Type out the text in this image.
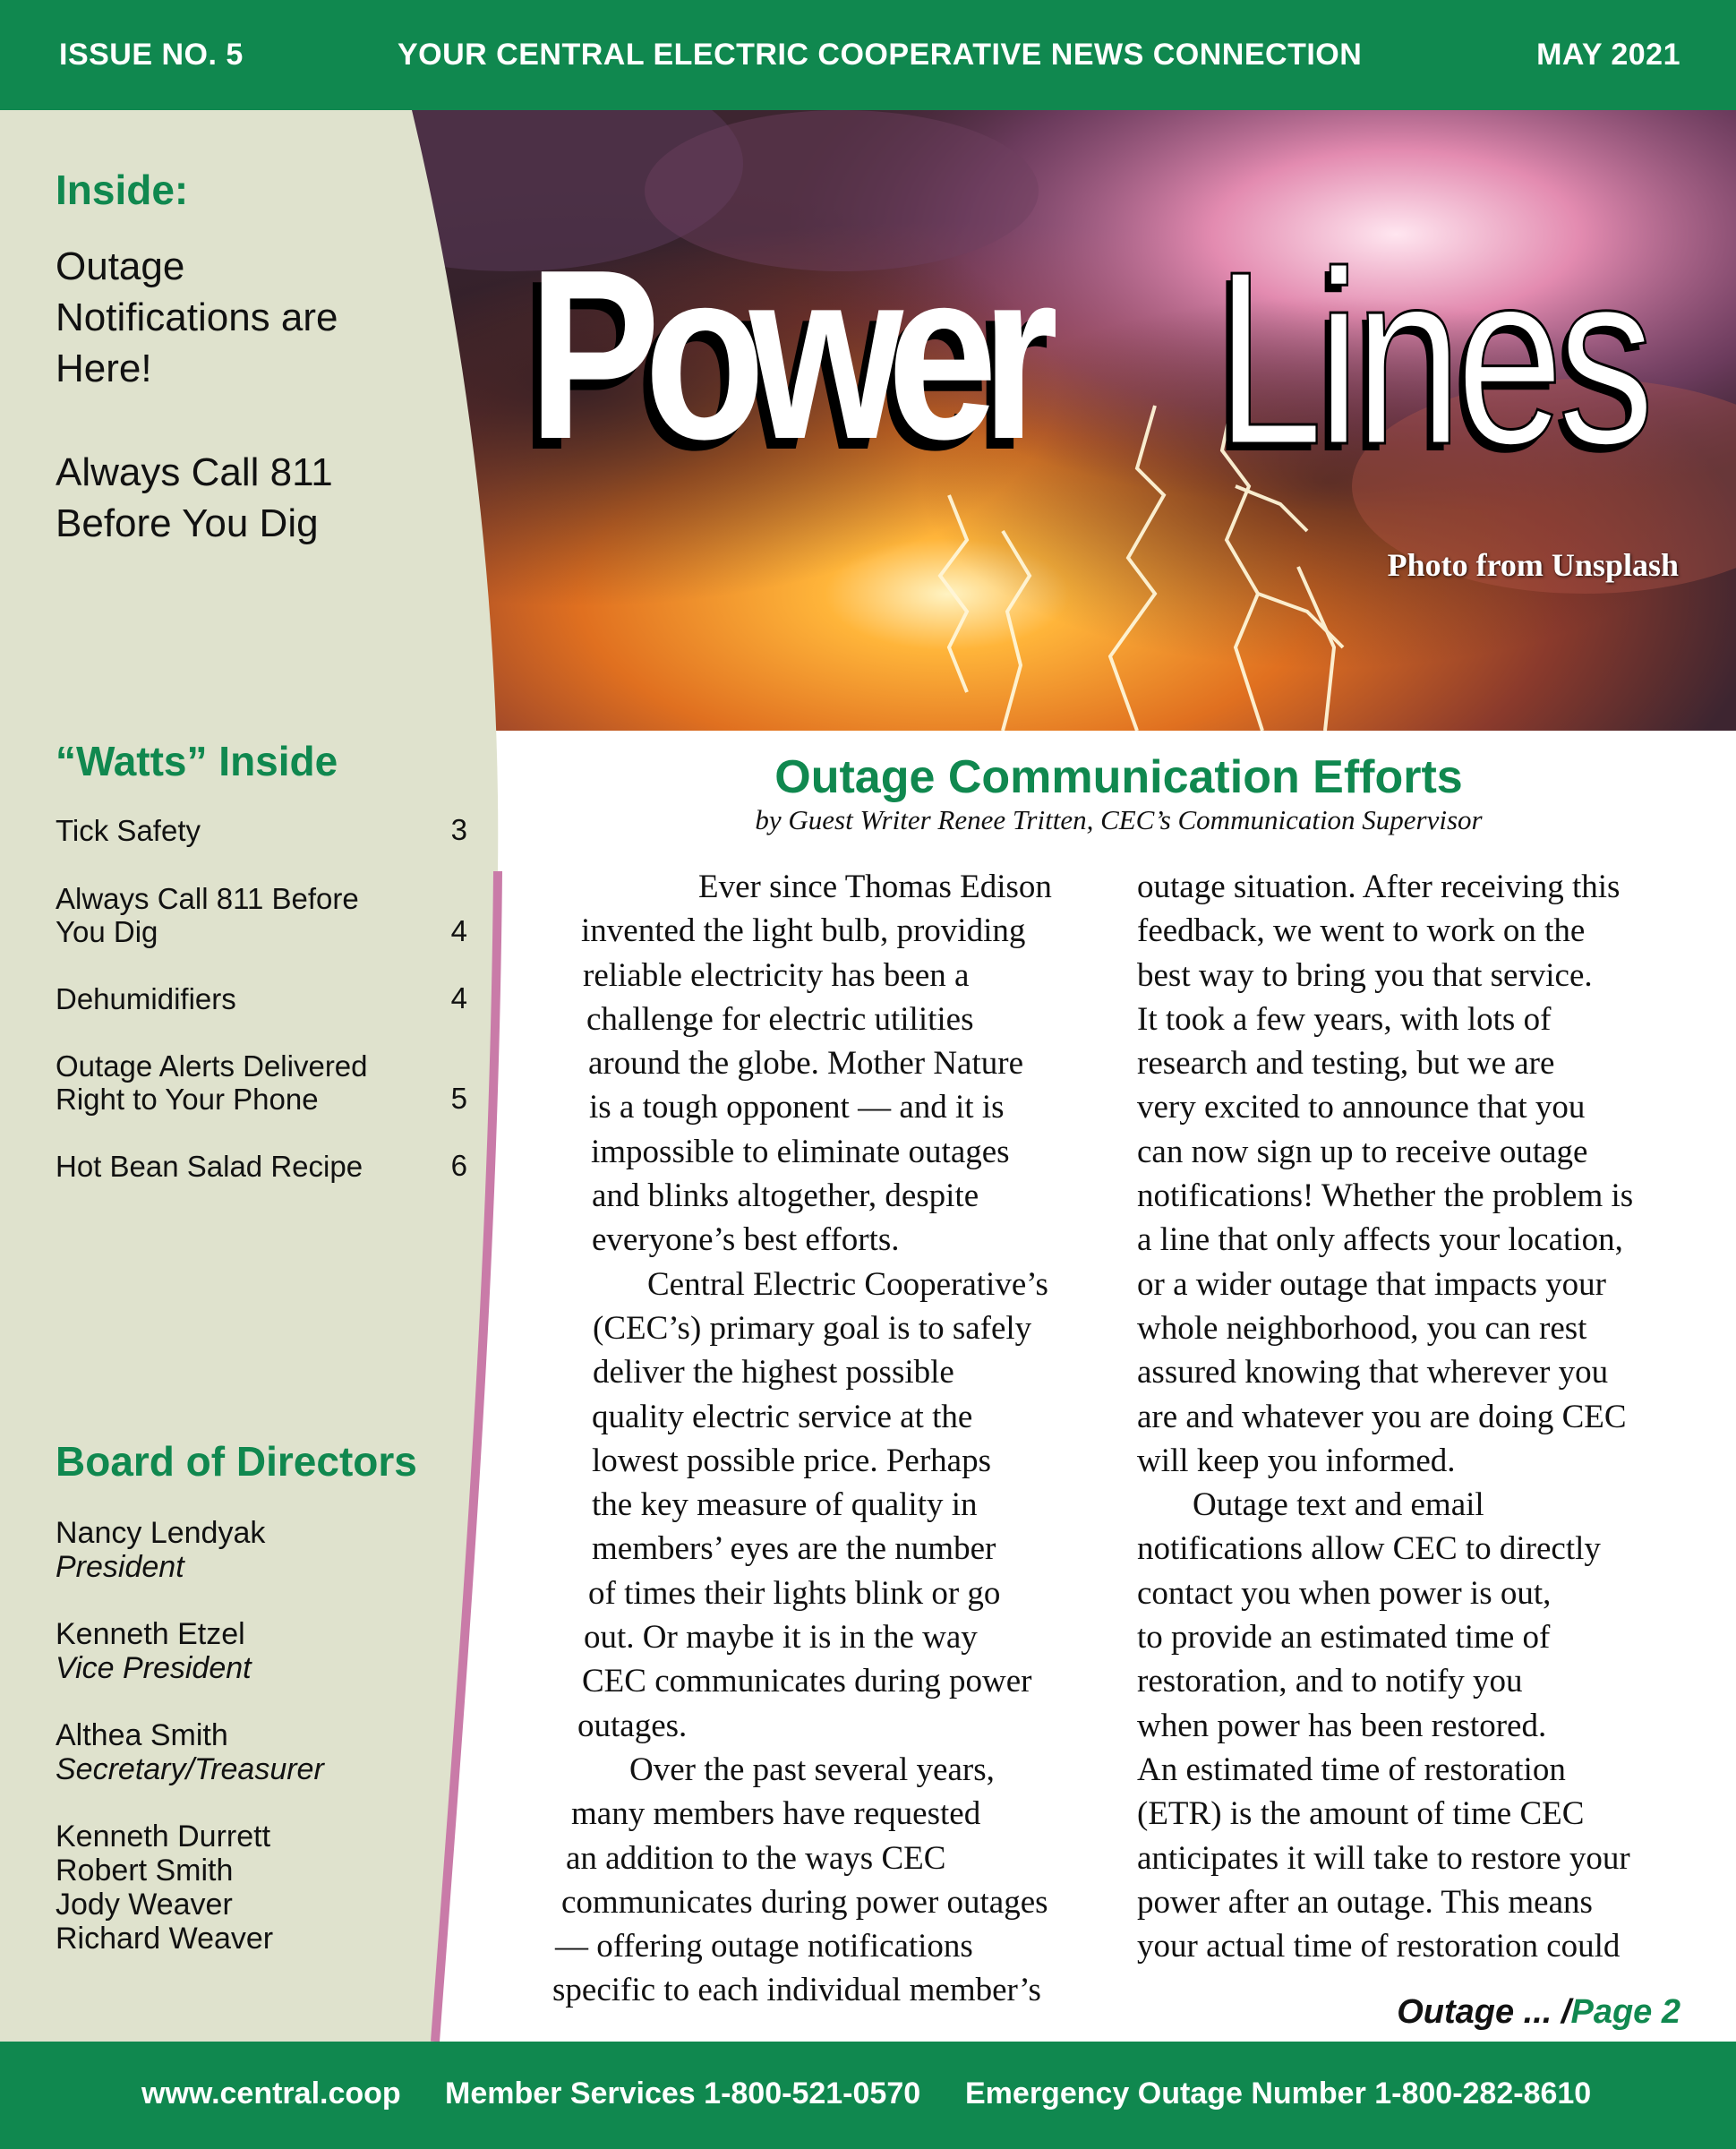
ISSUE NO. 5	YOUR CENTRAL ELECTRIC COOPERATIVE NEWS CONNECTION	MAY 2021
Inside:
Outage
Notifications are
Here!
Always Call 811
Before You Dig
“Watts” Inside
Tick Safety	3
Always Call 811 Before
You Dig	4
Dehumidifiers	4
Outage Alerts Delivered
Right to Your Phone	5
Hot Bean Salad Recipe	6
Board of Directors
Nancy Lendyak
President
Kenneth Etzel
Vice President
Althea Smith
Secretary/Treasurer
Kenneth Durrett
Robert Smith
Jody Weaver
Richard Weaver
Power Lines
Photo from Unsplash
Outage Communication Efforts
by Guest Writer Renee Tritten, CEC’s Communication Supervisor
Ever since Thomas Edison
invented the light bulb, providing
reliable electricity has been a
challenge for electric utilities
around the globe. Mother Nature
is a tough opponent — and it is
impossible to eliminate outages
and blinks altogether, despite
everyone’s best efforts.
Central Electric Cooperative’s
(CEC’s) primary goal is to safely
deliver the highest possible
quality electric service at the
lowest possible price. Perhaps
the key measure of quality in
members’ eyes are the number
of times their lights blink or go
out. Or maybe it is in the way
CEC communicates during power
outages.
Over the past several years,
many members have requested
an addition to the ways CEC
communicates during power outages
— offering outage notifications
specific to each individual member’s
outage situation. After receiving this
feedback, we went to work on the
best way to bring you that service.
It took a few years, with lots of
research and testing, but we are
very excited to announce that you
can now sign up to receive outage
notifications! Whether the problem is
a line that only affects your location,
or a wider outage that impacts your
whole neighborhood, you can rest
assured knowing that wherever you
are and whatever you are doing CEC
will keep you informed.
Outage text and email
notifications allow CEC to directly
contact you when power is out,
to provide an estimated time of
restoration, and to notify you
when power has been restored.
An estimated time of restoration
(ETR) is the amount of time CEC
anticipates it will take to restore your
power after an outage. This means
your actual time of restoration could
Outage ... /Page 2
www.central.coop Member Services 1-800-521-0570 Emergency Outage Number 1-800-282-8610
